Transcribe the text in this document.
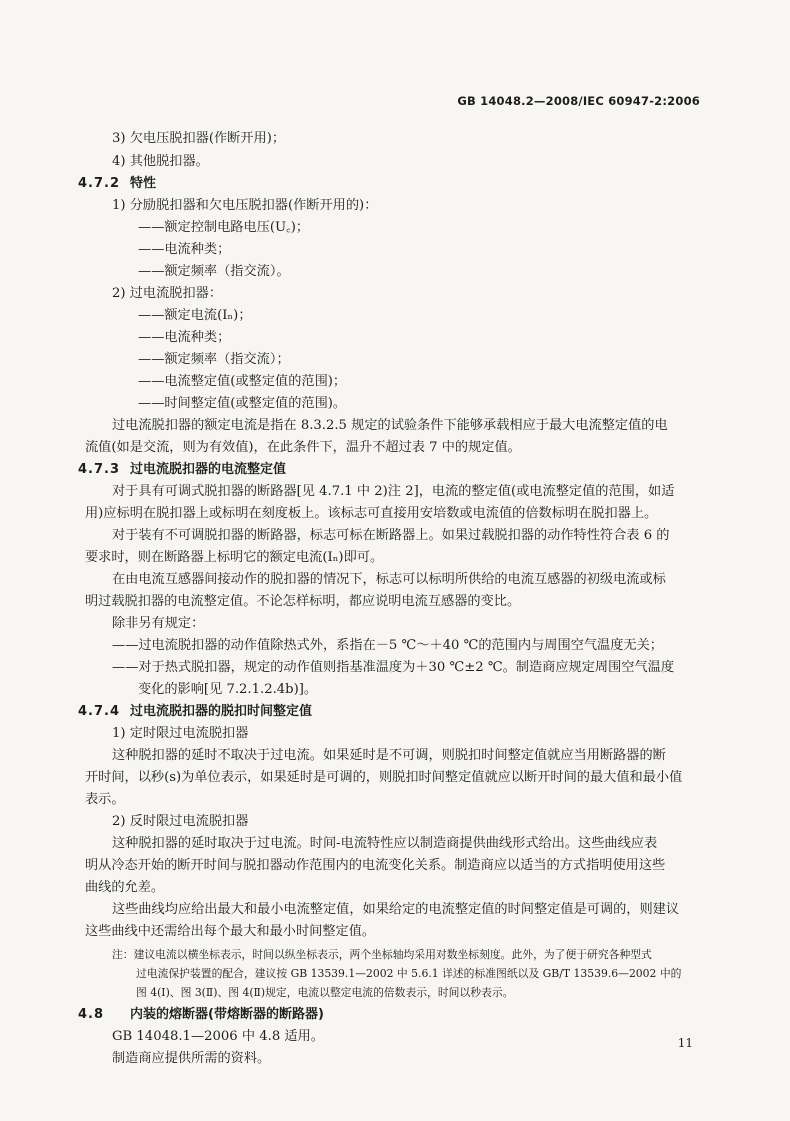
GB 14048.2—2008/IEC 60947-2:2006
3) 欠电压脱扣器(作断开用)；
4) 其他脱扣器。
4.7.2 特性
1) 分励脱扣器和欠电压脱扣器(作断开用的)：
——额定控制电路电压(U꜀)；
——电流种类；
——额定频率（指交流）。
2) 过电流脱扣器：
——额定电流(Iₙ)；
——电流种类；
——额定频率（指交流）；
——电流整定值(或整定值的范围)；
——时间整定值(或整定值的范围)。
过电流脱扣器的额定电流是指在 8.3.2.5 规定的试验条件下能够承载相应于最大电流整定值的电
流值(如是交流，则为有效值)，在此条件下，温升不超过表 7 中的规定值。
4.7.3 过电流脱扣器的电流整定值
对于具有可调式脱扣器的断路器[见 4.7.1 中 2)注 2]，电流的整定值(或电流整定值的范围，如适
用)应标明在脱扣器上或标明在刻度板上。该标志可直接用安培数或电流值的倍数标明在脱扣器上。
对于装有不可调脱扣器的断路器，标志可标在断路器上。如果过载脱扣器的动作特性符合表 6 的
要求时，则在断路器上标明它的额定电流(Iₙ)即可。
在由电流互感器间接动作的脱扣器的情况下，标志可以标明所供给的电流互感器的初级电流或标
明过载脱扣器的电流整定值。不论怎样标明，都应说明电流互感器的变比。
除非另有规定：
——过电流脱扣器的动作值除热式外，系指在－5 ℃～＋40 ℃的范围内与周围空气温度无关；
——对于热式脱扣器，规定的动作值则指基准温度为＋30 ℃±2 ℃。制造商应规定周围空气温度
变化的影响[见 7.2.1.2.4b)]。
4.7.4 过电流脱扣器的脱扣时间整定值
1) 定时限过电流脱扣器
这种脱扣器的延时不取决于过电流。如果延时是不可调，则脱扣时间整定值就应当用断路器的断
开时间，以秒(s)为单位表示，如果延时是可调的，则脱扣时间整定值就应以断开时间的最大值和最小值
表示。
2) 反时限过电流脱扣器
这种脱扣器的延时取决于过电流。时间-电流特性应以制造商提供曲线形式给出。这些曲线应表
明从冷态开始的断开时间与脱扣器动作范围内的电流变化关系。制造商应以适当的方式指明使用这些
曲线的允差。
这些曲线均应给出最大和最小电流整定值，如果给定的电流整定值的时间整定值是可调的，则建议
这些曲线中还需给出每个最大和最小时间整定值。
注：建议电流以横坐标表示，时间以纵坐标表示，两个坐标轴均采用对数坐标刻度。此外，为了便于研究各种型式
过电流保护装置的配合，建议按 GB 13539.1—2002 中 5.6.1 详述的标准图纸以及 GB/T 13539.6—2002 中的
图 4(Ⅰ)、图 3(Ⅱ)、图 4(Ⅱ)规定，电流以整定电流的倍数表示，时间以秒表示。
4.8 内装的熔断器(带熔断器的断路器)
GB 14048.1—2006 中 4.8 适用。
制造商应提供所需的资料。
11
